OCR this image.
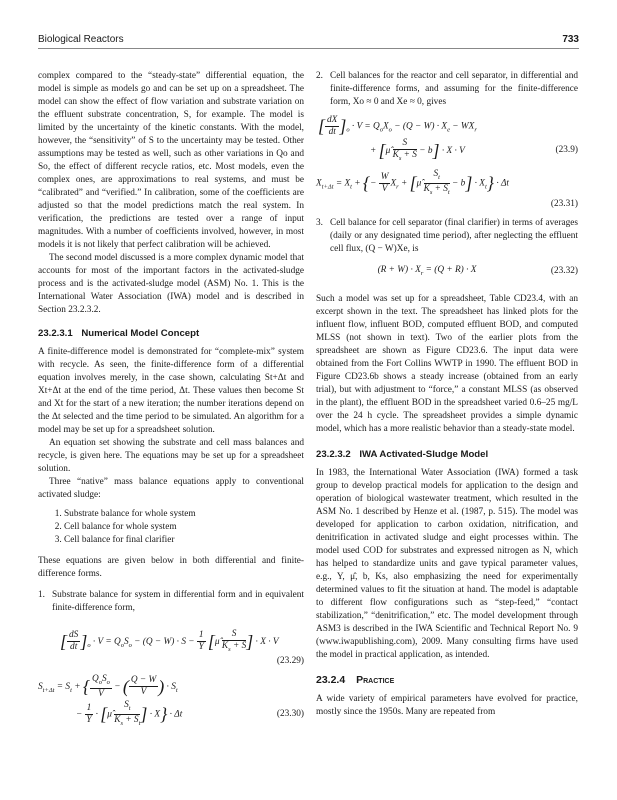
Biological Reactors	733

complex compared to the “steady-state” differential equation, the model is simple as models go and can be set up on a spreadsheet. The model can show the effect of flow variation and substrate variation on the effluent substrate concentration, S, for example. The model is limited by the uncertainty of the kinetic constants. With the model, however, the “sensitivity” of S to the uncertainty may be tested. Other assumptions may be tested as well, such as other variations in Qo and So, the effect of different recycle ratios, etc. Most models, even the complex ones, are approximations to real systems, and must be “calibrated” and “verified.” In calibration, some of the coefficients are adjusted so that the model predictions match the real system. In verification, the predictions are tested over a range of input magnitudes. With a number of coefficients involved, however, in most models it is not likely that perfect calibration will be achieved.

The second model discussed is a more complex dynamic model that accounts for most of the important factors in the activated-sludge process and is the activated-sludge model (ASM) No. 1. This is the International Water Association (IWA) model and is described in Section 23.2.3.2.

23.2.3.1 Numerical Model Concept

A finite-difference model is demonstrated for “complete-mix” system with recycle. As seen, the finite-difference form of a differential equation involves merely, in the case shown, calculating St+Δt and Xt+Δt at the end of the time period, Δt. These values then become St and Xt for the start of a new iteration; the number iterations depend on the Δt selected and the time period to be simulated. An algorithm for a model may be set up for a spreadsheet solution.

An equation set showing the substrate and cell mass balances and recycle, is given here. The equations may be set up for a spreadsheet solution.

Three “native” mass balance equations apply to conventional activated sludge:

1. Substrate balance for whole system
2. Cell balance for whole system
3. Cell balance for final clarifier

These equations are given below in both differential and finite-difference forms.

1. Substrate balance for system in differential form and in equivalent finite-difference form,
[ $\frac{dS}{dt} ]_o \cdot V = Q_oS_o - (Q - W) \cdot S - \frac{1}{Y}$ [μ̂ $\frac{S}{K_s + S}$ ] · X · V
(23.29)
$S_{t+\Delta t} = S_t$ + { $\frac{Q_oS_o}{V}$ − ( $\frac{Q - W}{V}$ ) · $S_t$
− $\frac{1}{Y}$ · [μ̂ $\frac{S_t}{K_s + S_t}$ ] · X} · Δt	(23.30)
2. Cell balances for the reactor and cell separator, in differential and finite-difference forms, and assuming for the finite-difference form, Xo ≈ 0 and Xe ≈ 0, gives
[ $\frac{dX}{dt} ]_o \cdot V = Q_oX_o - (Q - W) \cdot X_e - WX_r$
+ [μ̂ $\frac{S}{K_s + S} - b] \cdot X \cdot V$	(23.9)
$X_{t+\Delta t} = X_t$ + {− $\frac{W}{V} X_r$ + [μ̂ $\frac{S_t}{K_s + S_t} - b] \cdot X_t\} \cdot \Delta t$
(23.31)
3. Cell balance for cell separator (final clarifier) in terms of averages (daily or any designated time period), after neglecting the effluent cell flux, (Q − W)Xe, is
$(R + W) \cdot X_r = (Q + R) \cdot X$	(23.32)

Such a model was set up for a spreadsheet, Table CD23.4, with an excerpt shown in the text. The spreadsheet has linked plots for the influent flow, influent BOD, computed effluent BOD, and computed MLSS (not shown in text). Two of the earlier plots from the spreadsheet are shown as Figure CD23.6. The input data were obtained from the Fort Collins WWTP in 1990. The effluent BOD in Figure CD23.6b shows a steady increase (obtained from an early trial), but with adjustment to “force,” a constant MLSS (as observed in the plant), the effluent BOD in the spreadsheet varied 0.6–25 mg/L over the 24 h cycle. The spreadsheet provides a simple dynamic model, which has a more realistic behavior than a steady-state model.

23.2.3.2 IWA Activated-Sludge Model

In 1983, the International Water Association (IWA) formed a task group to develop practical models for application to the design and operation of biological wastewater treatment, which resulted in the ASM No. 1 described by Henze et al. (1987, p. 515). The model was developed for application to carbon oxidation, nitrification, and denitrification in activated sludge and eight processes within. The model used COD for substrates and expressed nitrogen as N, which has helped to standardize units and gave typical parameter values, e.g., Y, μ̂, b, Ks, also emphasizing the need for experimentally determined values to fit the situation at hand. The model is adaptable to different flow configurations such as “step-feed,” “contact stabilization,” “denitrification,” etc. The model development through ASM3 is described in the IWA Scientific and Technical Report No. 9 (www.iwapublishing.com), 2009. Many consulting firms have used the model in practical application, as intended.

23.2.4 Practice

A wide variety of empirical parameters have evolved for practice, mostly since the 1950s. Many are repeated from
